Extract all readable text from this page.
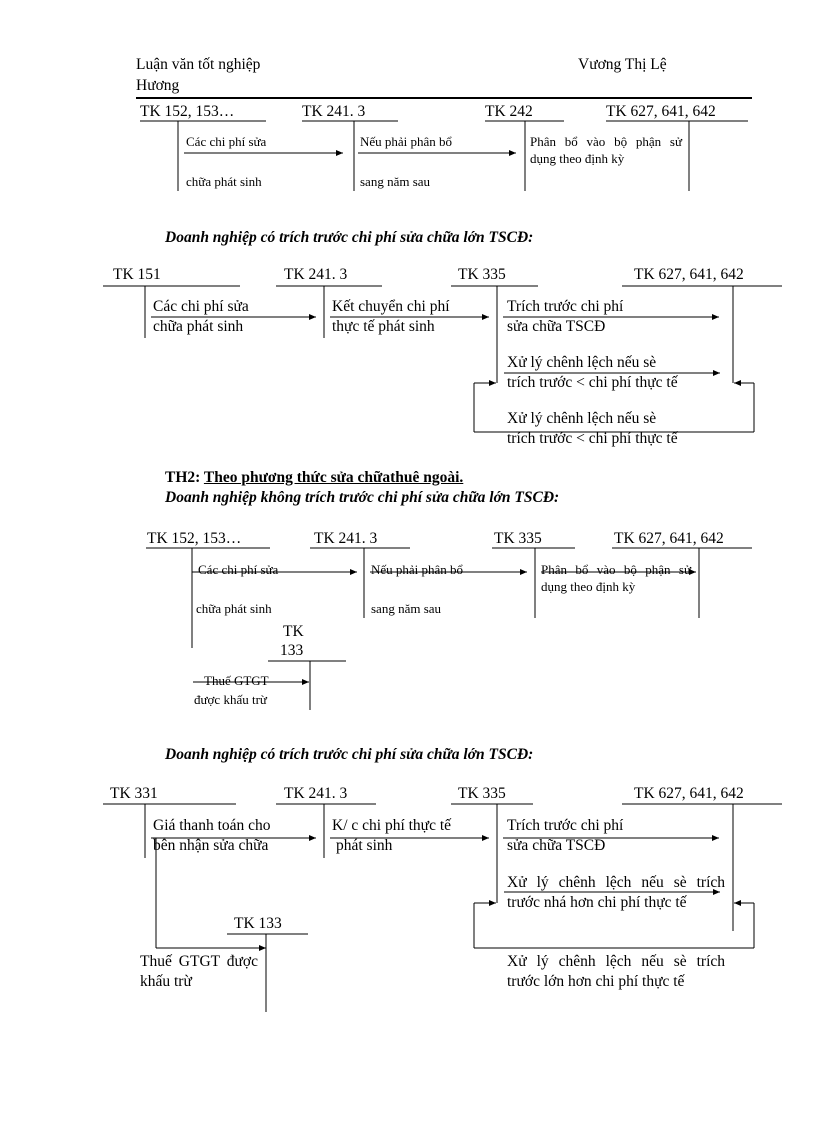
Luận văn tốt nghiệp
Hương
Vương Thị Lệ
TK 152, 153…	TK 241. 3	TK 242	TK 627, 641, 642
Các chi phí sửa
chữa phát sinh
Nếu phải phân bổ
sang năm sau
Phân bổ vào bộ phận sử dụng theo định kỳ
Doanh nghiệp có trích trước chi phí sửa chữa lớn TSCĐ:
TK 151	TK 241. 3	TK 335	TK 627, 641, 642
Các chi phí sửa
chữa phát sinh
Kết chuyển chi phí
thực tế phát sinh
Trích trước chi phí
sửa chữa TSCĐ
Xử lý chênh lệch nếu sè
trích trước < chi phí thực tế
Xử lý chênh lệch nếu sè
trích trước < chi phí thực tế
TH2: Theo phương thức sửa chữathuê ngoài.
Doanh nghiệp không trích trước chi phí sửa chữa lớn TSCĐ:
TK 152, 153…	TK 241. 3	TK 335	TK 627, 641, 642
Các chi phí sửa
chữa phát sinh
Nếu phải phân bổ
sang năm sau
Phân bổ vào bộ phận sử dụng theo định kỳ
TK
133
Thuế GTGT
được khấu trừ
Doanh nghiệp có trích trước chi phí sửa chữa lớn TSCĐ:
TK 331	TK 241. 3	TK 335	TK 627, 641, 642
Giá thanh toán cho
bên nhận sửa chữa
K/ c chi phí thực tế
phát sinh
Trích trước chi phí
sửa chữa TSCĐ
Xử lý chênh lệch nếu sè trích trước nhá hơn chi phí thực tế
TK 133
Thuế GTGT được khấu trừ
Xử lý chênh lệch nếu sè trích trước lớn hơn chi phí thực tế
